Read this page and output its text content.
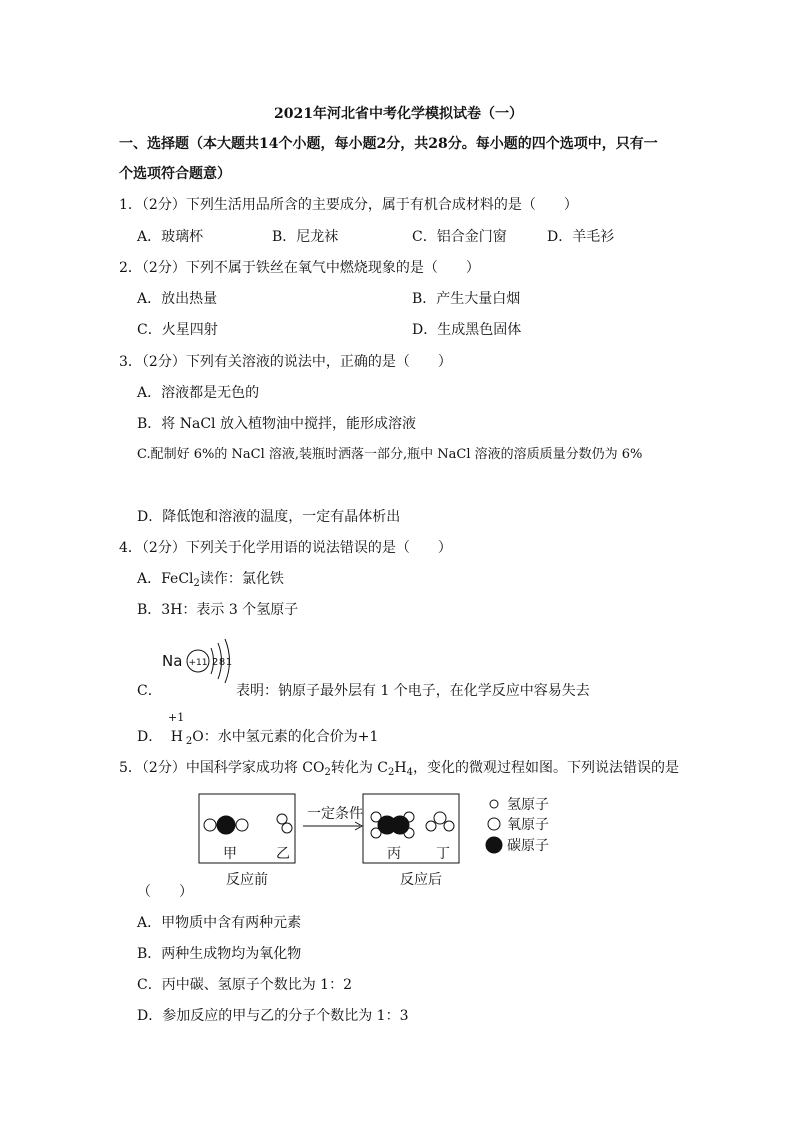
2021年河北省中考化学模拟试卷（一）
一、选择题（本大题共14个小题，每小题2分，共28分。每小题的四个选项中，只有一
个选项符合题意）
1．（2分）下列生活用品所含的主要成分，属于有机合成材料的是（　　）
A．玻璃杯	B．尼龙袜	C．铝合金门窗	D．羊毛衫
2．（2分）下列不属于铁丝在氧气中燃烧现象的是（　　）
A．放出热量	B．产生大量白烟
C．火星四射	D．生成黑色固体
3．（2分）下列有关溶液的说法中，正确的是（　　）
A．溶液都是无色的
B．将 NaCl 放入植物油中搅拌，能形成溶液
C.配制好 6%的 NaCl 溶液,装瓶时洒落一部分,瓶中 NaCl 溶液的溶质质量分数仍为 6%
D．降低饱和溶液的温度，一定有晶体析出
4．（2分）下列关于化学用语的说法错误的是（　　）
A．FeCl$_2$读作：氯化铁
B．3H：表示 3 个氢原子
C．
Na +11 281
表明：钠原子最外层有 1 个电子，在化学反应中容易失去
+1
D． H $_2$O：水中氢元素的化合价为+1
5．（2分）中国科学家成功将 $CO_2$转化为 $C_2H_4$，变化的微观过程如图。下列说法错误的是
甲	乙
反应前
一定条件
丙	丁
反应后
氢原子
氧原子
碳原子
（　　）
A．甲物质中含有两种元素
B．两种生成物均为氧化物
C．丙中碳、氢原子个数比为 1：2
D．参加反应的甲与乙的分子个数比为 1：3
